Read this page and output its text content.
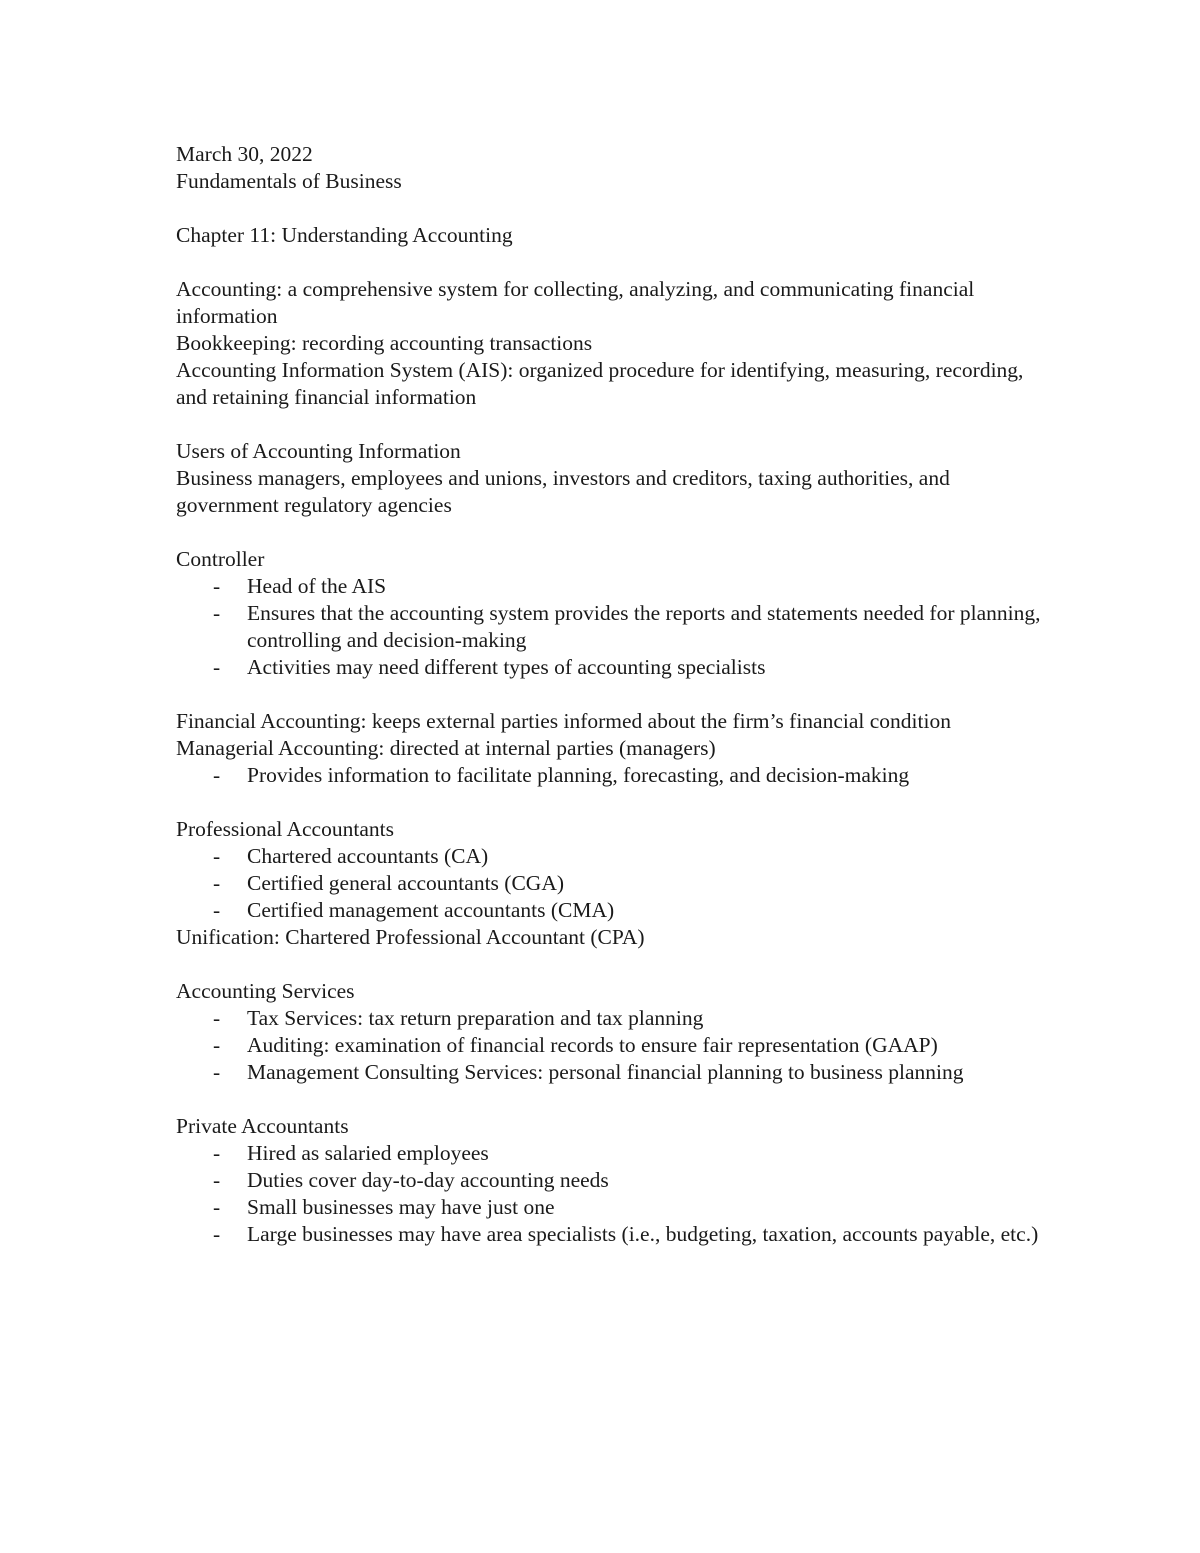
March 30, 2022

Fundamentals of Business

Chapter 11: Understanding Accounting

Accounting: a comprehensive system for collecting, analyzing, and communicating financial information

Bookkeeping: recording accounting transactions

Accounting Information System (AIS): organized procedure for identifying, measuring, recording, and retaining financial information

Users of Accounting Information

Business managers, employees and unions, investors and creditors, taxing authorities, and government regulatory agencies

Controller

- Head of the AIS
- Ensures that the accounting system provides the reports and statements needed for planning, controlling and decision-making
- Activities may need different types of accounting specialists

Financial Accounting: keeps external parties informed about the firm’s financial condition

Managerial Accounting: directed at internal parties (managers)

- Provides information to facilitate planning, forecasting, and decision-making

Professional Accountants

- Chartered accountants (CA)
- Certified general accountants (CGA)
- Certified management accountants (CMA)

Unification: Chartered Professional Accountant (CPA)

Accounting Services

- Tax Services: tax return preparation and tax planning
- Auditing: examination of financial records to ensure fair representation (GAAP)
- Management Consulting Services: personal financial planning to business planning

Private Accountants

- Hired as salaried employees
- Duties cover day-to-day accounting needs
- Small businesses may have just one
- Large businesses may have area specialists (i.e., budgeting, taxation, accounts payable, etc.)
